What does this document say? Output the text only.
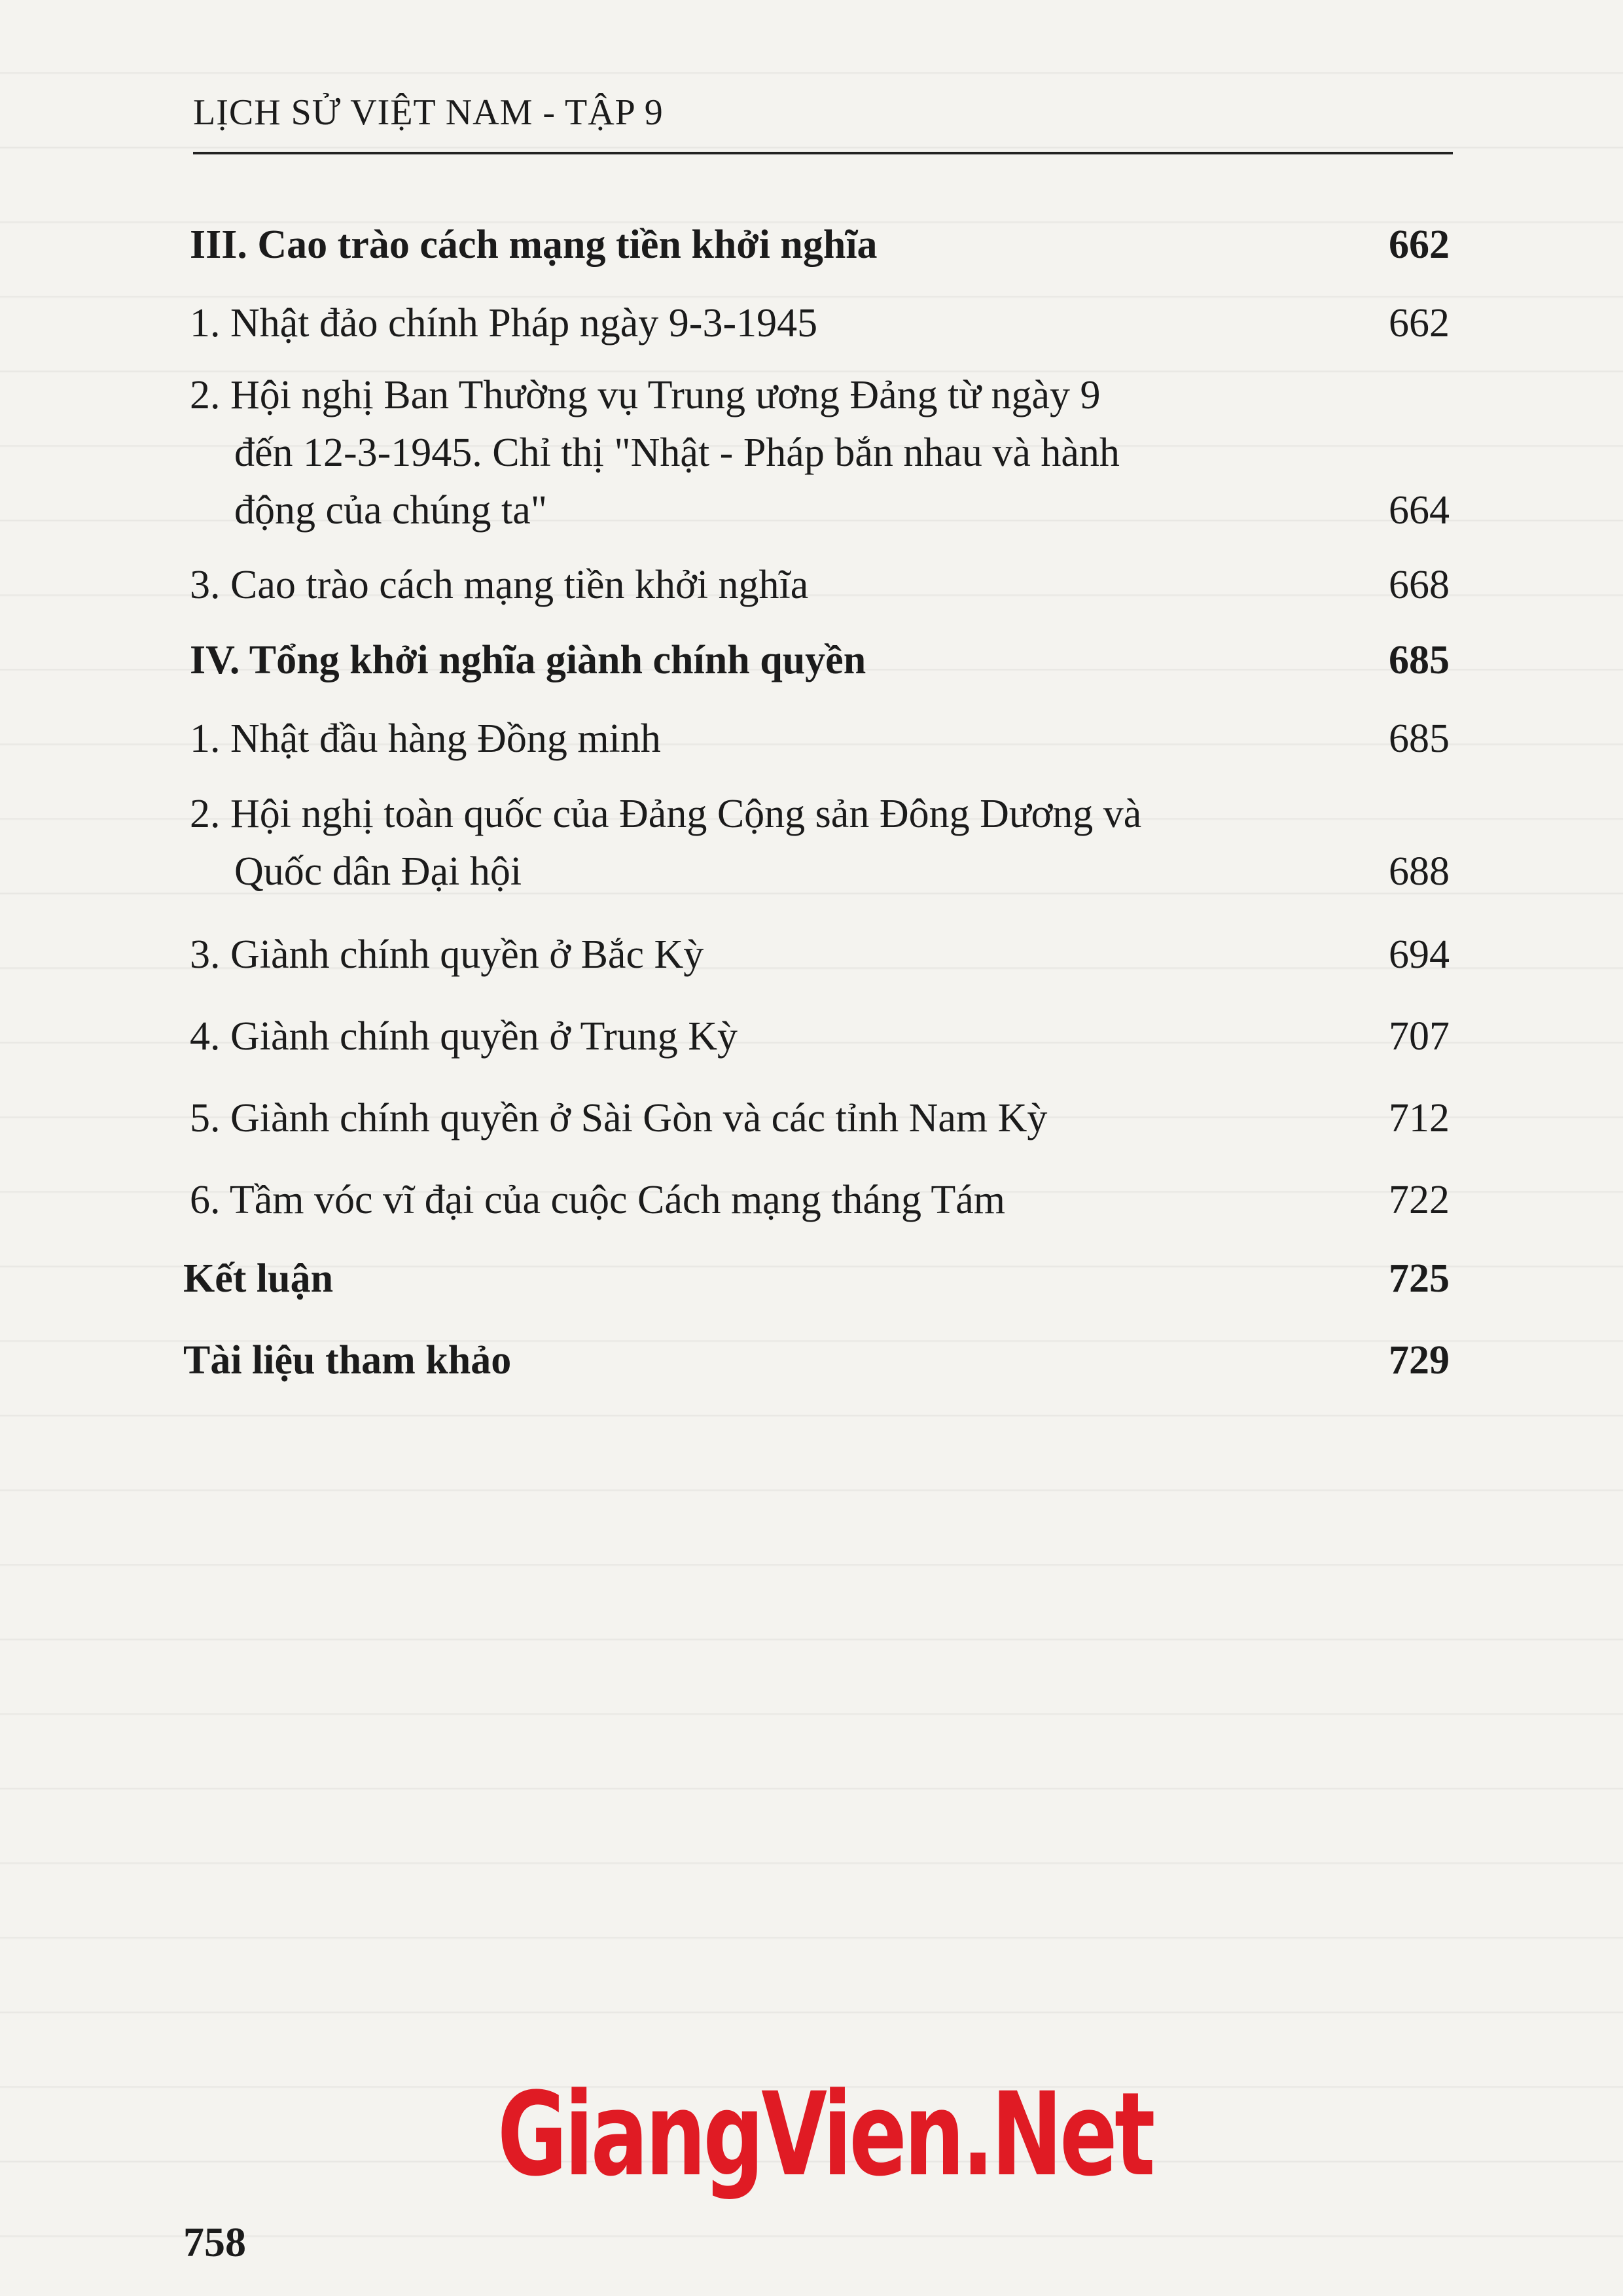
LỊCH SỬ VIỆT NAM - TẬP 9
III. Cao trào cách mạng tiền khởi nghĩa	662
1. Nhật đảo chính Pháp ngày 9-3-1945	662
2. Hội nghị Ban Thường vụ Trung ương Đảng từ ngày 9
đến 12-3-1945. Chỉ thị "Nhật - Pháp bắn nhau và hành
động của chúng ta"	664
3. Cao trào cách mạng tiền khởi nghĩa	668
IV. Tổng khởi nghĩa giành chính quyền	685
1. Nhật đầu hàng Đồng minh	685
2. Hội nghị toàn quốc của Đảng Cộng sản Đông Dương và
Quốc dân Đại hội	688
3. Giành chính quyền ở Bắc Kỳ	694
4. Giành chính quyền ở Trung Kỳ	707
5. Giành chính quyền ở Sài Gòn và các tỉnh Nam Kỳ	712
6. Tầm vóc vĩ đại của cuộc Cách mạng tháng Tám	722
Kết luận	725
Tài liệu tham khảo	729
GiangVien.Net
758
